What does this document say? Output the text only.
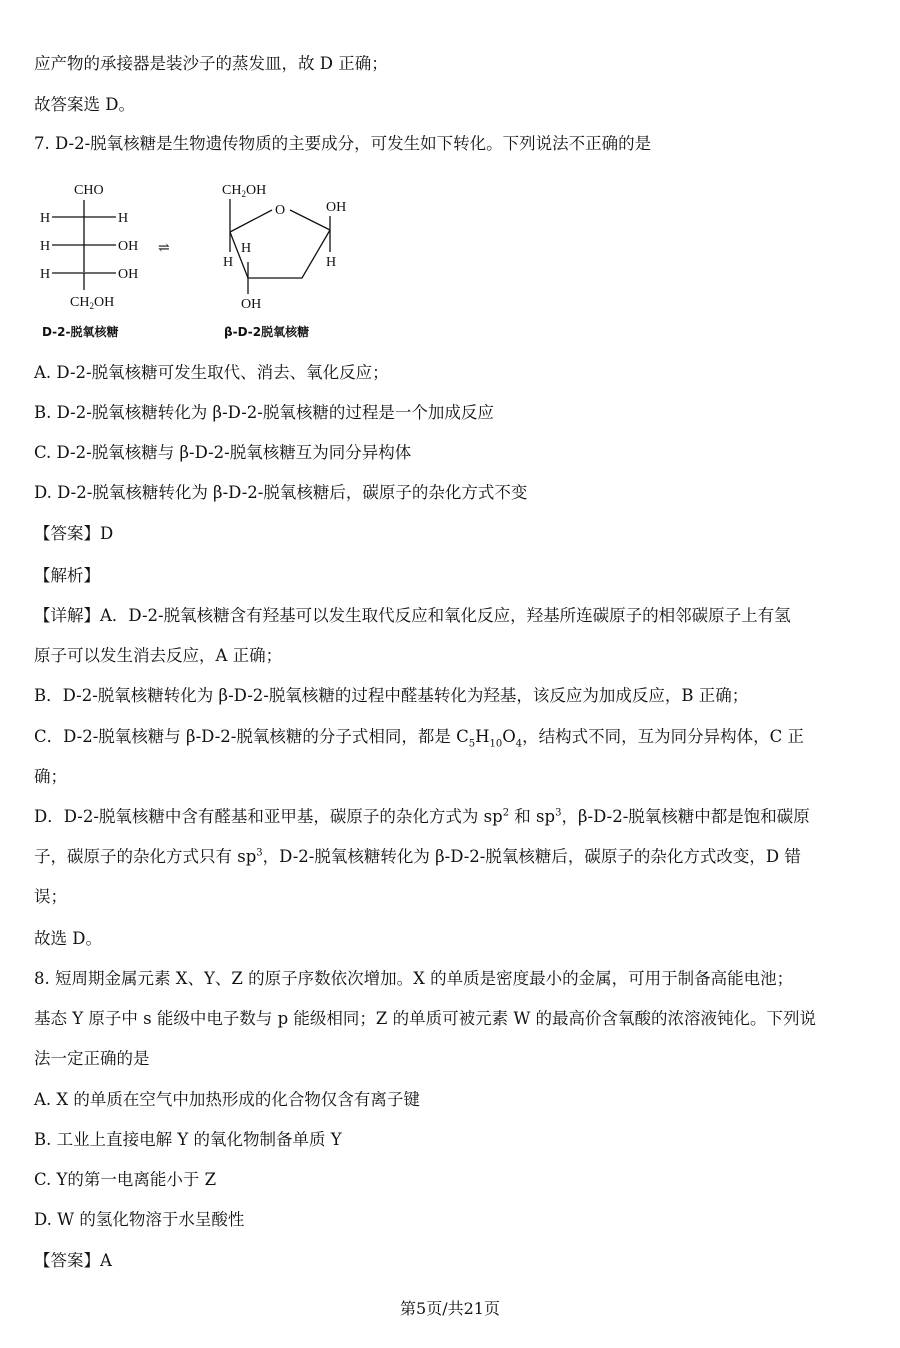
应产物的承接器是装沙子的蒸发皿，故 D 正确；
故答案选 D。
7. D-2-脱氧核糖是生物遗传物质的主要成分，可发生如下转化。下列说法不正确的是
CHO
H	H
H	OH
H	OH
$CH_2OH$
D-2-脱氧核糖
⇌
$CH_2OH$
O	OH
H
H
OH
H
β-D-2脱氧核糖
A. D-2-脱氧核糖可发生取代、消去、氧化反应；
B. D-2-脱氧核糖转化为 β-D-2-脱氧核糖的过程是一个加成反应
C. D-2-脱氧核糖与 β-D-2-脱氧核糖互为同分异构体
D. D-2-脱氧核糖转化为 β-D-2-脱氧核糖后，碳原子的杂化方式不变
【答案】D
【解析】
【详解】A．D-2-脱氧核糖含有羟基可以发生取代反应和氧化反应，羟基所连碳原子的相邻碳原子上有氢
原子可以发生消去反应，A 正确；
B．D-2-脱氧核糖转化为 β-D-2-脱氧核糖的过程中醛基转化为羟基，该反应为加成反应，B 正确；
C．D-2-脱氧核糖与 β-D-2-脱氧核糖的分子式相同，都是 $C_5H_{10}O_4$，结构式不同，互为同分异构体，C 正
确；
D．D-2-脱氧核糖中含有醛基和亚甲基，碳原子的杂化方式为 $sp^2$ 和 $sp^3$，β-D-2-脱氧核糖中都是饱和碳原
子，碳原子的杂化方式只有 $sp^3$，D-2-脱氧核糖转化为 β-D-2-脱氧核糖后，碳原子的杂化方式改变，D 错
误；
故选 D。
8. 短周期金属元素 X、Y、Z 的原子序数依次增加。X 的单质是密度最小的金属，可用于制备高能电池；
基态 Y 原子中 s 能级中电子数与 p 能级相同；Z 的单质可被元素 W 的最高价含氧酸的浓溶液钝化。下列说
法一定正确的是
A. X 的单质在空气中加热形成的化合物仅含有离子键
B. 工业上直接电解 Y 的氧化物制备单质 Y
C. Y的第一电离能小于 Z
D. W 的氢化物溶于水呈酸性
【答案】A
第5页/共21页
